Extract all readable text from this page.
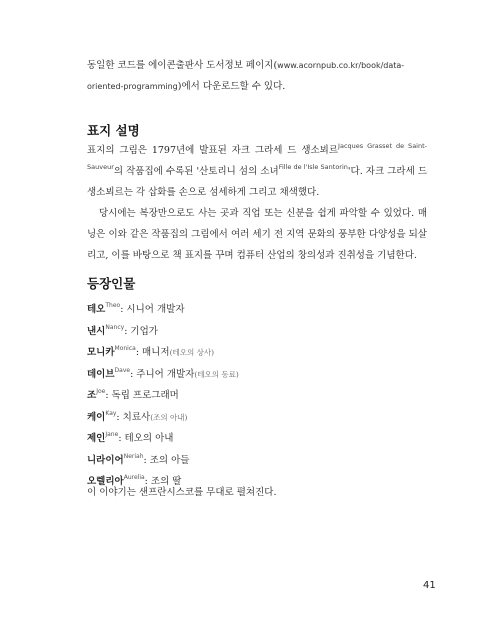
동일한 코드를 에이콘출판사 도서정보 페이지(www.acornpub.co.kr/book/data-oriented-programming)에서 다운로드할 수 있다.
표지 설명

표지의 그림은 1797년에 발표된 자크 그라세 드 생소뵈르$^{Jacques Grasset de Saint-Sauveur}$의 작품집에 수록된 '산토리니 섬의 소녀$^{Fille de l'Isle Santorin}$'다. 자크 그라세 드 생소뵈르는 각 삽화를 손으로 섬세하게 그리고 채색했다.

당시에는 복장만으로도 사는 곳과 직업 또는 신분을 쉽게 파악할 수 있었다. 매닝은 이와 같은 작품집의 그림에서 여러 세기 전 지역 문화의 풍부한 다양성을 되살리고, 이를 바탕으로 책 표지를 꾸며 컴퓨터 산업의 창의성과 진취성을 기념한다.

등장인물
테오$^{Theo}$: 시니어 개발자
낸시$^{Nancy}$: 기업가
모니카$^{Monica}$: 매니저(테오의 상사)
데이브$^{Dave}$: 주니어 개발자(테오의 동료)
조$^{Joe}$: 독립 프로그래머
케이$^{Kay}$: 치료사(조의 아내)
제인$^{Jane}$: 테오의 아내
니라이어$^{Neriah}$: 조의 아들
오렐리아$^{Aurelia}$: 조의 딸
이 이야기는 샌프란시스코를 무대로 펼쳐진다.
41
